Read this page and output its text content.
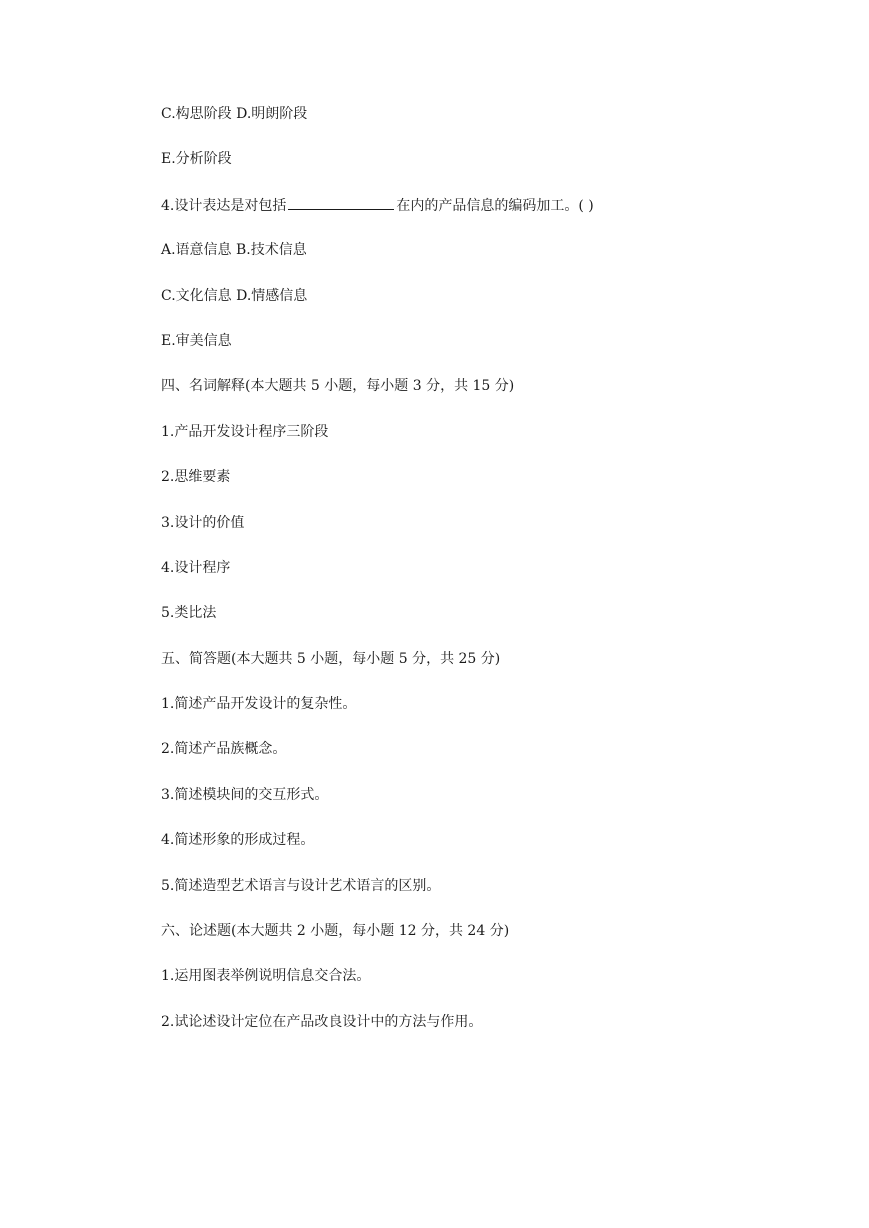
C.构思阶段 D.明朗阶段
E.分析阶段
4.设计表达是对包括	在内的产品信息的编码加工。( )
A.语意信息 B.技术信息
C.文化信息 D.情感信息
E.审美信息
四、名词解释(本大题共 5 小题，每小题 3 分，共 15 分)
1.产品开发设计程序三阶段
2.思维要素
3.设计的价值
4.设计程序
5.类比法
五、简答题(本大题共 5 小题，每小题 5 分，共 25 分)
1.简述产品开发设计的复杂性。
2.简述产品族概念。
3.简述模块间的交互形式。
4.简述形象的形成过程。
5.简述造型艺术语言与设计艺术语言的区别。
六、论述题(本大题共 2 小题，每小题 12 分，共 24 分)
1.运用图表举例说明信息交合法。
2.试论述设计定位在产品改良设计中的方法与作用。
